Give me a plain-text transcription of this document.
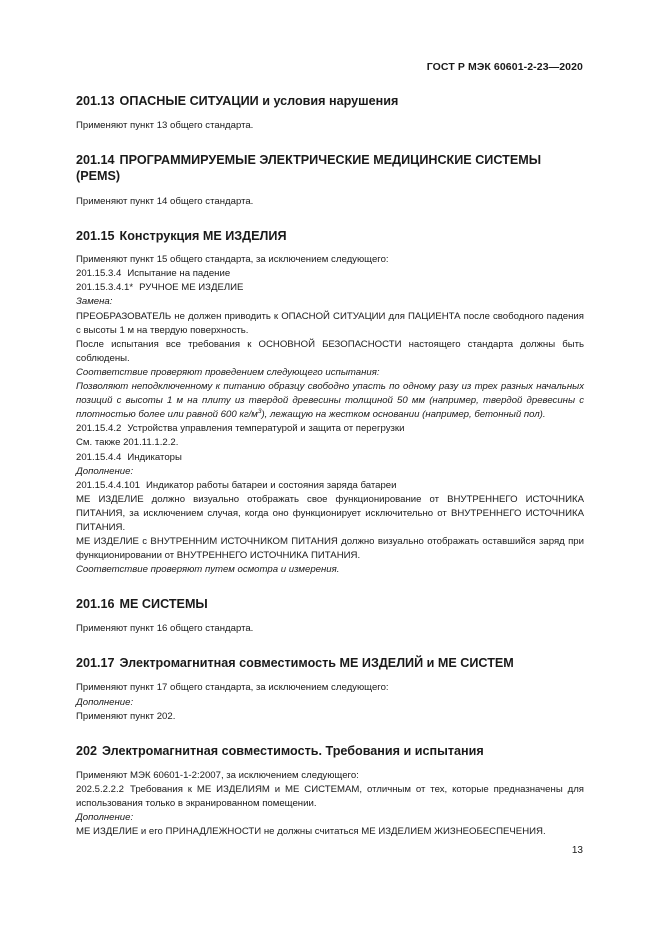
ГОСТ Р МЭК 60601-2-23—2020
201.13 ОПАСНЫЕ СИТУАЦИИ и условия нарушения

Применяют пункт 13 общего стандарта.

201.14 ПРОГРАММИРУЕМЫЕ ЭЛЕКТРИЧЕСКИЕ МЕДИЦИНСКИЕ СИСТЕМЫ (PEMS)

Применяют пункт 14 общего стандарта.

201.15 Конструкция МЕ ИЗДЕЛИЯ

Применяют пункт 15 общего стандарта, за исключением следующего:

201.15.3.4 Испытание на падение

201.15.3.4.1* РУЧНОЕ МЕ ИЗДЕЛИЕ

Замена:

ПРЕОБРАЗОВАТЕЛЬ не должен приводить к ОПАСНОЙ СИТУАЦИИ для ПАЦИЕНТА после свободного падения с высоты 1 м на твердую поверхность.

После испытания все требования к ОСНОВНОЙ БЕЗОПАСНОСТИ настоящего стандарта должны быть соблюдены.

Соответствие проверяют проведением следующего испытания:

Позволяют неподключенному к питанию образцу свободно упасть по одному разу из трех разных начальных позиций с высоты 1 м на плиту из твердой древесины толщиной 50 мм (например, твердой древесины с плотностью более или равной 600 $кг/м^3$), лежащую на жестком основании (например, бетонный пол).

201.15.4.2 Устройства управления температурой и защита от перегрузки

См. также 201.11.1.2.2.

201.15.4.4 Индикаторы

Дополнение:

201.15.4.4.101 Индикатор работы батареи и состояния заряда батареи

МЕ ИЗДЕЛИЕ должно визуально отображать свое функционирование от ВНУТРЕННЕГО ИСТОЧНИКА ПИТАНИЯ, за исключением случая, когда оно функционирует исключительно от ВНУТРЕННЕГО ИСТОЧНИКА ПИТАНИЯ.

МЕ ИЗДЕЛИЕ с ВНУТРЕННИМ ИСТОЧНИКОМ ПИТАНИЯ должно визуально отображать оставшийся заряд при функционировании от ВНУТРЕННЕГО ИСТОЧНИКА ПИТАНИЯ.

Соответствие проверяют путем осмотра и измерения.

201.16 МЕ СИСТЕМЫ

Применяют пункт 16 общего стандарта.

201.17 Электромагнитная совместимость МЕ ИЗДЕЛИЙ и МЕ СИСТЕМ

Применяют пункт 17 общего стандарта, за исключением следующего:

Дополнение:

Применяют пункт 202.

202 Электромагнитная совместимость. Требования и испытания

Применяют МЭК 60601-1-2:2007, за исключением следующего:

202.5.2.2.2 Требования к МЕ ИЗДЕЛИЯМ и МЕ СИСТЕМАМ, отличным от тех, которые предназначены для использования только в экранированном помещении.

Дополнение:

МЕ ИЗДЕЛИЕ и его ПРИНАДЛЕЖНОСТИ не должны считаться МЕ ИЗДЕЛИЕМ ЖИЗНЕОБЕСПЕЧЕНИЯ.

13
